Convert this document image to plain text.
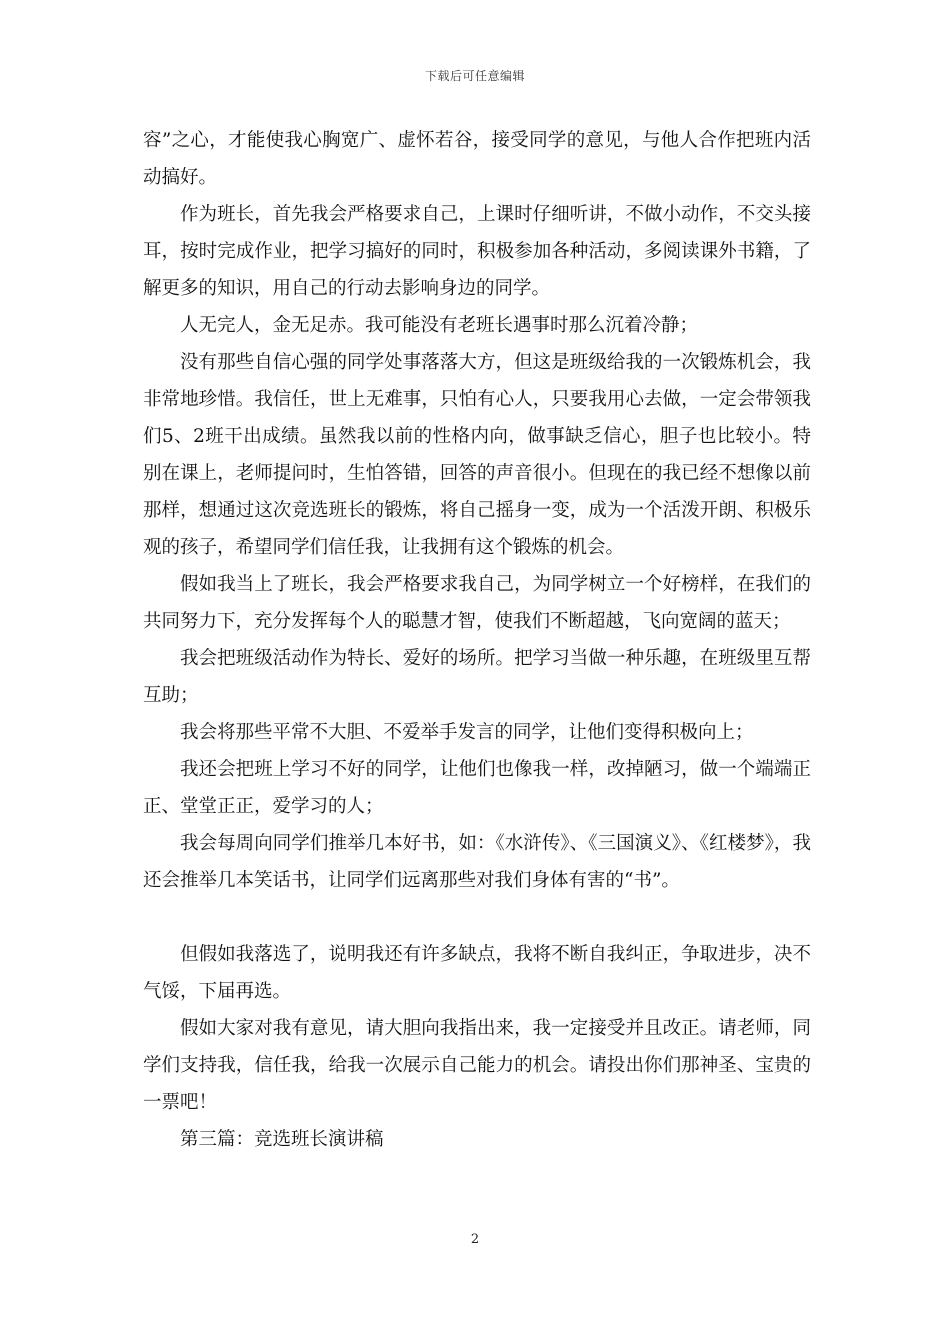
下载后可任意编辑

容”之心，才能使我心胸宽广、虚怀若谷，接受同学的意见，与他人合作把班内活动搞好。

作为班长，首先我会严格要求自己，上课时仔细听讲，不做小动作，不交头接耳，按时完成作业，把学习搞好的同时，积极参加各种活动，多阅读课外书籍，了解更多的知识，用自己的行动去影响身边的同学。

人无完人，金无足赤。我可能没有老班长遇事时那么沉着冷静；

没有那些自信心强的同学处事落落大方，但这是班级给我的一次锻炼机会，我非常地珍惜。我信任，世上无难事，只怕有心人，只要我用心去做，一定会带领我们5、2班干出成绩。虽然我以前的性格内向，做事缺乏信心，胆子也比较小。特别在课上，老师提问时，生怕答错，回答的声音很小。但现在的我已经不想像以前那样，想通过这次竞选班长的锻炼，将自己摇身一变，成为一个活泼开朗、积极乐观的孩子，希望同学们信任我，让我拥有这个锻炼的机会。

假如我当上了班长，我会严格要求我自己，为同学树立一个好榜样，在我们的共同努力下，充分发挥每个人的聪慧才智，使我们不断超越，飞向宽阔的蓝天；

我会把班级活动作为特长、爱好的场所。把学习当做一种乐趣，在班级里互帮互助；

我会将那些平常不大胆、不爱举手发言的同学，让他们变得积极向上；

我还会把班上学习不好的同学，让他们也像我一样，改掉陋习，做一个端端正正、堂堂正正，爱学习的人；

我会每周向同学们推举几本好书，如：《水浒传》、《三国演义》、《红楼梦》，我还会推举几本笑话书，让同学们远离那些对我们身体有害的“书”。

但假如我落选了，说明我还有许多缺点，我将不断自我纠正，争取进步，决不气馁，下届再选。

假如大家对我有意见，请大胆向我指出来，我一定接受并且改正。请老师，同学们支持我，信任我，给我一次展示自己能力的机会。请投出你们那神圣、宝贵的一票吧！

第三篇：竞选班长演讲稿

2
